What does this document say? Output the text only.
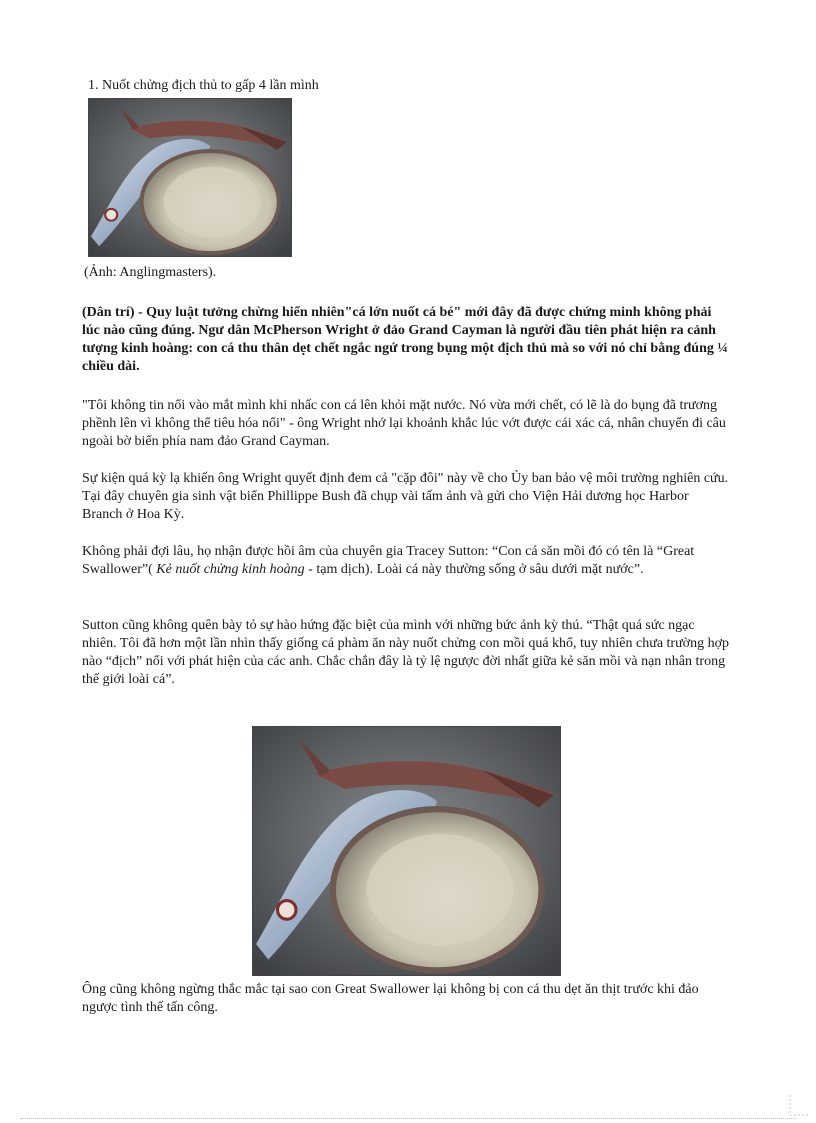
1. Nuốt chửng địch thủ to gấp 4 lần mình
(Ảnh: Anglingmasters).

(Dân trí) - Quy luật tưởng chừng hiển nhiên"cá lớn nuốt cá bé" mới đây đã được chứng minh không phải lúc nào cũng đúng. Ngư dân McPherson Wright ở đảo Grand Cayman là người đầu tiên phát hiện ra cảnh tượng kinh hoàng: con cá thu thân dẹt chết ngắc ngứ trong bụng một địch thủ mà so với nó chỉ bằng đúng ¼ chiều dài.

"Tôi không tin nổi vào mắt mình khi nhấc con cá lên khỏi mặt nước. Nó vừa mới chết, có lẽ là do bụng đã trương phềnh lên vì không thể tiêu hóa nổi" - ông Wright nhớ lại khoảnh khắc lúc vớt được cái xác cá, nhân chuyến đi câu ngoài bờ biển phía nam đảo Grand Cayman.

Sự kiện quá kỳ lạ khiến ông Wright quyết định đem cả "cặp đôi" này về cho Ủy ban bảo vệ môi trường nghiên cứu. Tại đây chuyên gia sinh vật biển Phillippe Bush đã chụp vài tấm ảnh và gửi cho Viện Hải dương học Harbor Branch ở Hoa Kỳ.

Không phải đợi lâu, họ nhận được hồi âm của chuyên gia Tracey Sutton: “Con cá săn mồi đó có tên là “Great Swallower”( Kẻ nuốt chửng kinh hoàng - tạm dịch). Loài cá này thường sống ở sâu dưới mặt nước”.

Sutton cũng không quên bày tỏ sự hào hứng đặc biệt của mình với những bức ảnh kỳ thú. “Thật quá sức ngạc nhiên. Tôi đã hơn một lần nhìn thấy giống cá phàm ăn này nuốt chửng con mồi quá khổ, tuy nhiên chưa trường hợp nào “địch” nổi với phát hiện của các anh. Chắc chắn đây là tỷ lệ ngược đời nhất giữa kẻ săn mồi và nạn nhân trong thế giới loài cá”.

Ông cũng không ngừng thắc mắc tại sao con Great Swallower lại không bị con cá thu dẹt ăn thịt trước khi đảo ngược tình thế tấn công.
